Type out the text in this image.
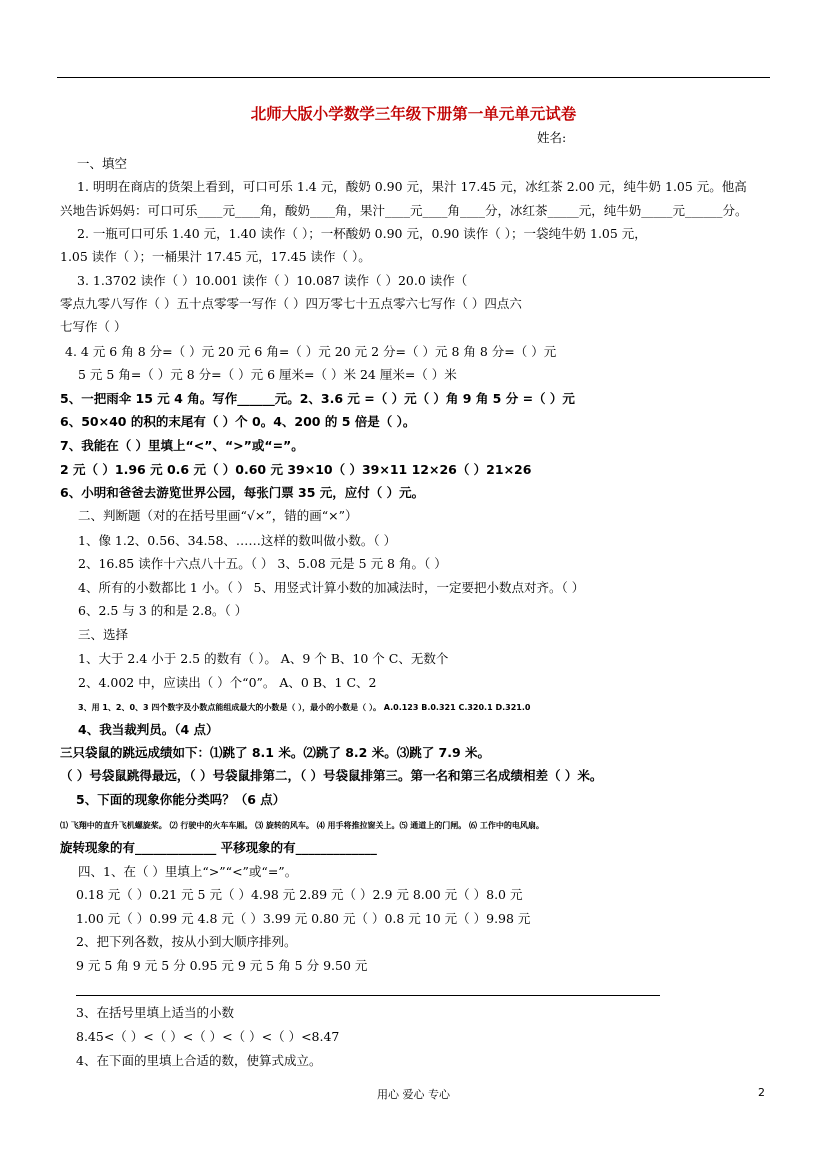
北师大版小学数学三年级下册第一单元单元试卷
姓名:
一、填空
1. 明明在商店的货架上看到，可口可乐 1.4 元，酸奶 0.90 元，果汁 17.45 元，冰红茶 2.00 元，纯牛奶 1.05 元。他高
兴地告诉妈妈：可口可乐____元____角，酸奶____角，果汁____元____角____分，冰红茶_____元，纯牛奶_____元______分。
2. 一瓶可口可乐 1.40 元，1.40 读作（ ）；一杯酸奶 0.90 元，0.90 读作（ ）；一袋纯牛奶 1.05 元，
1.05 读作（ ）；一桶果汁 17.45 元，17.45 读作（ ）。
3. 1.3702 读作（ ）10.001 读作（ ）10.087 读作（ ）20.0 读作（
零点九零八写作（ ）五十点零零一写作（ ）四万零七十五点零六七写作（ ）四点六
七写作（ ）
4. 4 元 6 角 8 分=（ ）元 20 元 6 角=（ ）元 20 元 2 分=（ ）元 8 角 8 分=（ ）元
5 元 5 角=（ ）元 8 分=（ ）元 6 厘米=（ ）米 24 厘米=（ ）米
5、一把雨伞 15 元 4 角。写作______元。2、3.6 元 =（ ）元（ ）角 9 角 5 分 =（ ）元
6、50×40 的积的末尾有（ ）个 0。4、200 的 5 倍是（ ）。
7、我能在（ ）里填上“<”、“>”或“=”。
2 元（ ）1.96 元 0.6 元（ ）0.60 元 39×10（ ）39×11 12×26（ ）21×26
6、小明和爸爸去游览世界公园，每张门票 35 元，应付（ ）元。
二、判断题（对的在括号里画“√×”，错的画“×”）
1、像 1.2、0.56、34.58、……这样的数叫做小数。（ ）
2、16.85 读作十六点八十五。（ ） 3、5.08 元是 5 元 8 角。（ ）
4、所有的小数都比 1 小。（ ） 5、用竖式计算小数的加减法时，一定要把小数点对齐。（ ）
6、2.5 与 3 的和是 2.8。（ ）
三、选择
1、大于 2.4 小于 2.5 的数有（ ）。 A、9 个 B、10 个 C、无数个
2、4.002 中，应读出（ ）个“0”。 A、0 B、1 C、2
3、用 1、2、0、3 四个数字及小数点能组成最大的小数是（ ），最小的小数是（ ）。 A.0.123 B.0.321 C.320.1 D.321.0
4、我当裁判员。（4 点）
三只袋鼠的跳远成绩如下：⑴跳了 8.1 米。⑵跳了 8.2 米。⑶跳了 7.9 米。
（ ）号袋鼠跳得最远，（ ）号袋鼠排第二，（ ）号袋鼠排第三。第一名和第三名成绩相差（ ）米。
5、下面的现象你能分类吗？（6 点）
⑴ 飞翔中的直升飞机螺旋桨。 ⑵ 行驶中的火车车厢。 ⑶ 旋转的风车。 ⑷ 用手将推拉窗关上。⑸ 通道上的门闸。 ⑹ 工作中的电风扇。
旋转现象的有_____________ 平移现象的有_____________
四、1、在（ ）里填上“>”“<”或“=”。
0.18 元（ ）0.21 元 5 元（ ）4.98 元 2.89 元（ ）2.9 元 8.00 元（ ）8.0 元
1.00 元（ ）0.99 元 4.8 元（ ）3.99 元 0.80 元（ ）0.8 元 10 元（ ）9.98 元
2、把下列各数，按从小到大顺序排列。
9 元 5 角 9 元 5 分 0.95 元 9 元 5 角 5 分 9.50 元
3、在括号里填上适当的小数
8.45<（ ）<（ ）<（ ）<（ ）<（ ）<8.47
4、在下面的里填上合适的数，使算式成立。
用心 爱心 专心	2
